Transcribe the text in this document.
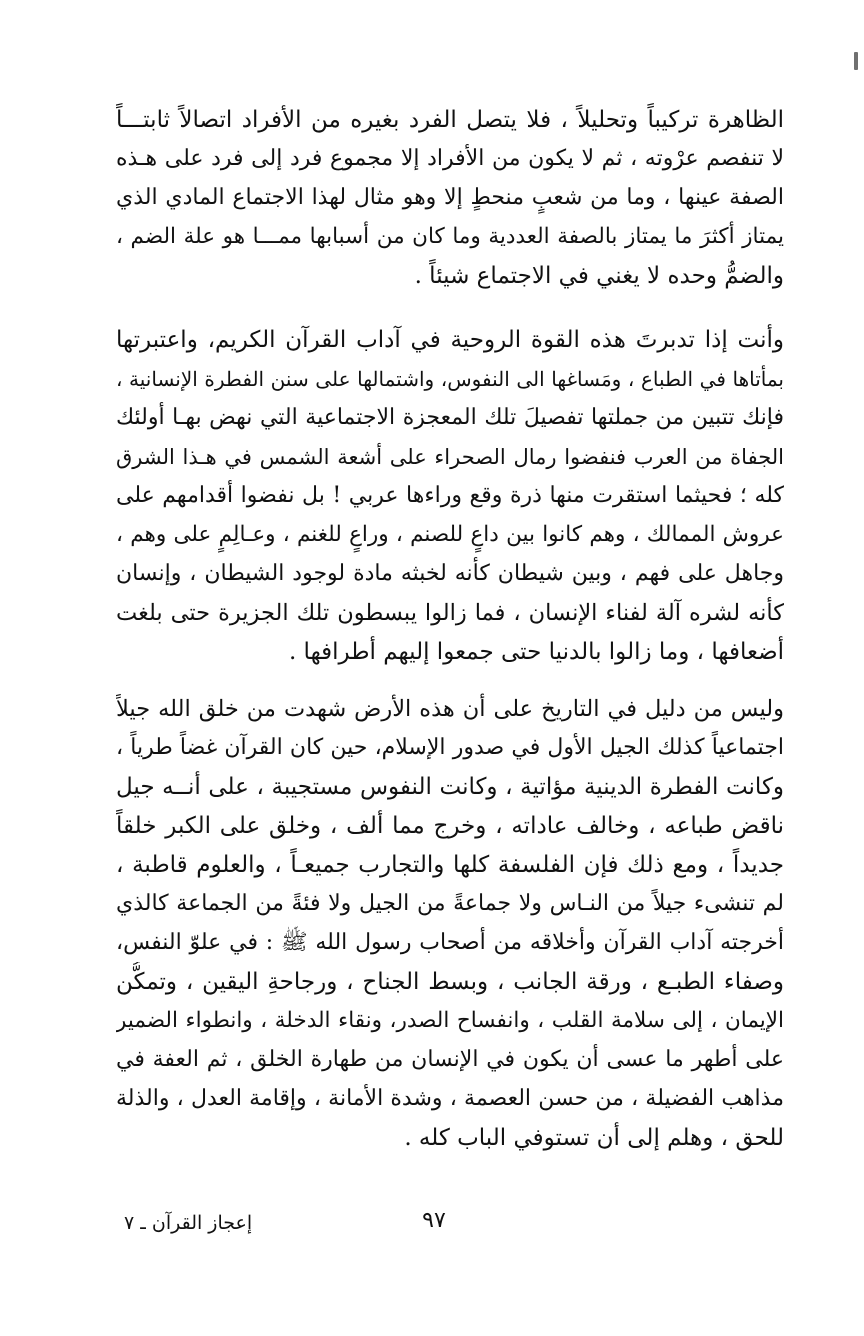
الظاهرة تركيباً وتحليلاً ، فلا يتصل الفرد بغيره من الأفراد اتصالاً ثابتـــاً
لا تنفصم عرْوته ، ثم لا يكون من الأفراد إلا مجموع فرد إلى فرد على هـذه
الصفة عينها ، وما من شعبٍ منحطٍ إلا وهو مثال لهذا الاجتماع المادي الذي
يمتاز أكثرَ ما يمتاز بالصفة العددية وما كان من أسبابها ممـــا هو علة الضم ،
والضمُّ وحده لا يغني في الاجتماع شيئاً .
وأنت إذا تدبرتَ هذه القوة الروحية في آداب القرآن الكريم، واعتبرتها
بمأتاها في الطباع ، ومَساغها الى النفوس، واشتمالها على سنن الفطرة الإنسانية ،
فإنك تتبين من جملتها تفصيلَ تلك المعجزة الاجتماعية التي نهض بهـا أولئك
الجفاة من العرب فنفضوا رمال الصحراء على أشعة الشمس في هـذا الشرق
كله ؛ فحيثما استقرت منها ذرة وقع وراءها عربي ! بل نفضوا أقدامهم على
عروش الممالك ، وهم كانوا بين داعٍ للصنم ، وراعٍ للغنم ، وعـالِمٍ على وهم ،
وجاهل على فهم ، وبين شيطان كأنه لخبثه مادة لوجود الشيطان ، وإنسان
كأنه لشره آلة لفناء الإنسان ، فما زالوا يبسطون تلك الجزيرة حتى بلغت
أضعافها ، وما زالوا بالدنيا حتى جمعوا إليهم أطرافها .
وليس من دليل في التاريخ على أن هذه الأرض شهدت من خلق الله جيلاً
اجتماعياً كذلك الجيل الأول في صدور الإسلام، حين كان القرآن غضاً طرياً ،
وكانت الفطرة الدينية مؤاتية ، وكانت النفوس مستجيبة ، على أنــه جيل
ناقض طباعه ، وخالف عاداته ، وخرج مما ألف ، وخلق على الكبر خلقاً
جديداً ، ومع ذلك فإن الفلسفة كلها والتجارب جميعـاً ، والعلوم قاطبة ،
لم تنشىء جيلاً من النـاس ولا جماعةً من الجيل ولا فئةً من الجماعة كالذي
أخرجته آداب القرآن وأخلاقه من أصحاب رسول الله ﷺ : في علوّ النفس،
وصفاء الطبـع ، ورقة الجانب ، وبسط الجناح ، ورجاحةِ اليقين ، وتمكُّن
الإيمان ، إلى سلامة القلب ، وانفساح الصدر، ونقاء الدخلة ، وانطواء الضمير
على أطهر ما عسى أن يكون في الإنسان من طهارة الخلق ، ثم العفة في
مذاهب الفضيلة ، من حسن العصمة ، وشدة الأمانة ، وإقامة العدل ، والذلة
للحق ، وهلم إلى أن تستوفي الباب كله .
٩٧
إعجاز القرآن ـ ٧
